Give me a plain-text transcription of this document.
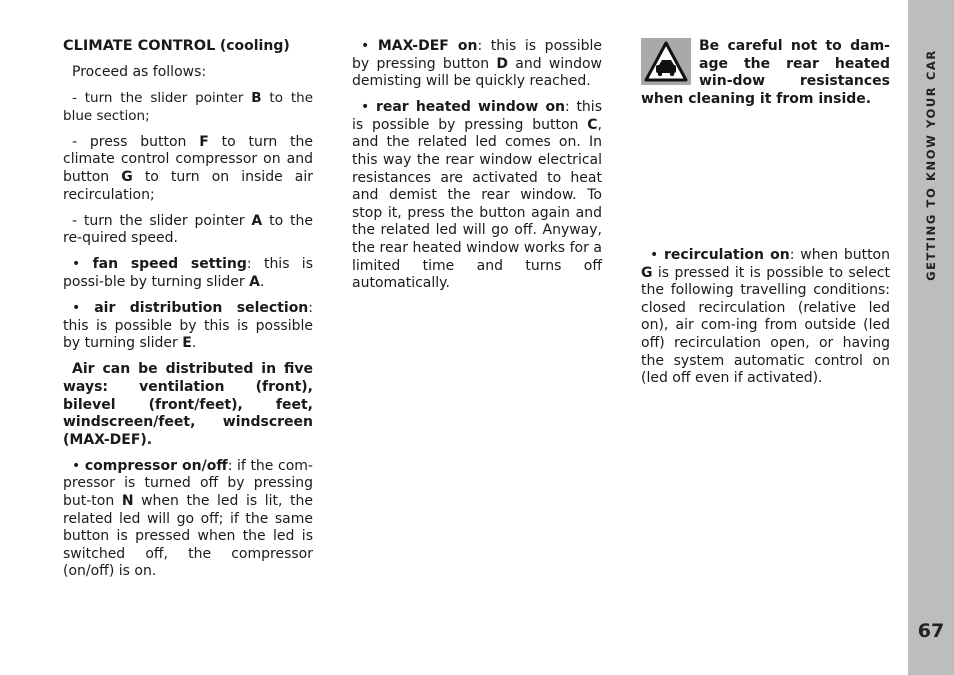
CLIMATE CONTROL (cooling)

Proceed as follows:

- turn the slider pointer B to the blue section;

- press button F to turn the climate control compressor on and button G to turn on inside air recirculation;

- turn the slider pointer A to the re-quired speed.

• fan speed setting: this is possi-ble by turning slider A.

• air distribution selection: this is possible by this is possible by turning slider E.

Air can be distributed in five ways: ventilation (front), bilevel (front/feet), feet, windscreen/feet, windscreen (MAX-DEF).

• compressor on/off: if the com-pressor is turned off by pressing but-ton N when the led is lit, the related led will go off; if the same button is pressed when the led is switched off, the compressor (on/off) is on.

• MAX-DEF on: this is possible by pressing button D and window demisting will be quickly reached.

• rear heated window on: this is possible by pressing button C, and the related led comes on. In this way the rear window electrical resistances are activated to heat and demist the rear window. To stop it, press the button again and the related led will go off. Anyway, the rear heated window works for a limited time and turns off automatically.

Be careful not to dam-age the rear heated win-dow resistances when cleaning it from inside.

• recirculation on: when button G is pressed it is possible to select the following travelling conditions: closed recirculation (relative led on), air com-ing from outside (led off) recirculation open, or having the system automatic control on (led off even if activated).

GETTING TO KNOW YOUR CAR
67
